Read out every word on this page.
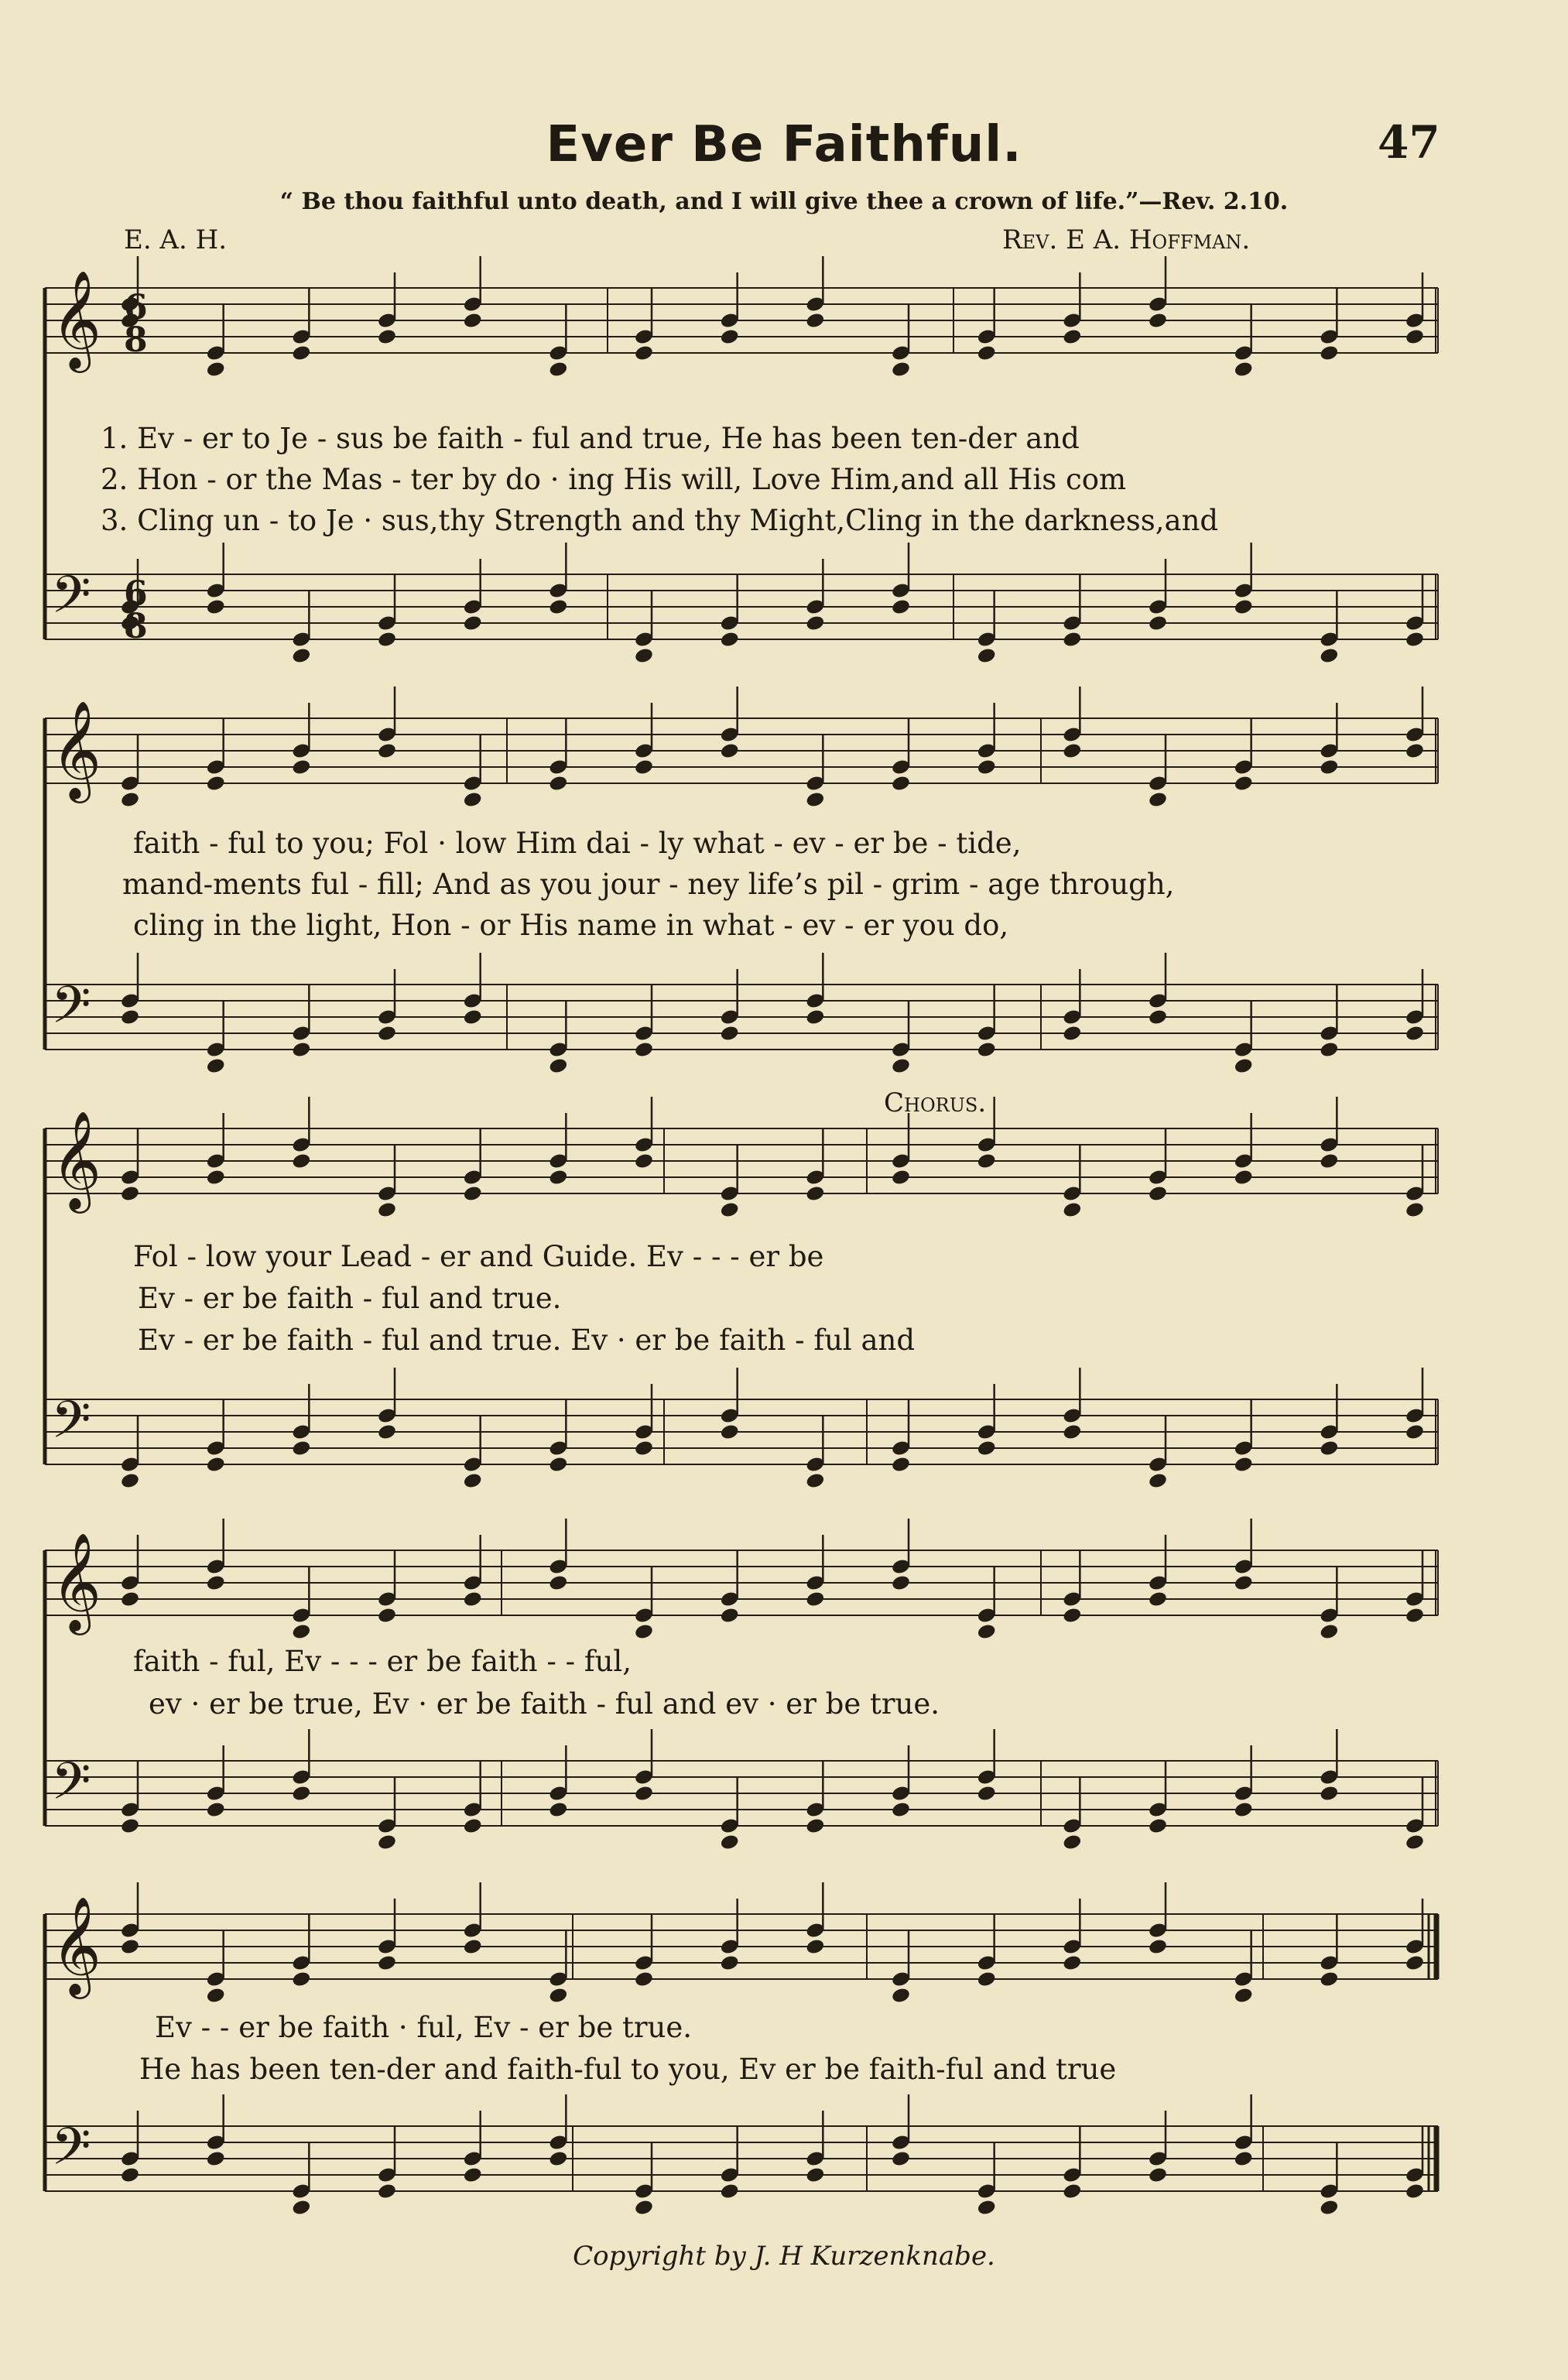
Ever Be Faithful.	47
“ Be thou faithful unto death, and I will give thee a crown of life.”—Rev. 2.10.
E. A. H.	Rev. E A. Hoffman.
𝄞
𝄢
𝄞
𝄢
𝄞
𝄢
𝄞
𝄢
𝄞
𝄢
6
8
6
8
1. Ev - er to Je - sus be faith - ful and true, He has been ten-der and
2. Hon - or the Mas - ter by do · ing His will, Love Him,and all His com
3. Cling un - to Je · sus,thy Strength and thy Might,Cling in the darkness,and
faith - ful to you; Fol · low Him dai - ly what - ev - er be - tide,
mand-ments ful - fill; And as you jour - ney life’s pil - grim - age through,
cling in the light, Hon - or His name in what - ev - er you do,
Chorus.
Fol - low your Lead - er and Guide. Ev - - - er be
Ev - er be faith - ful and true.
Ev - er be faith - ful and true. Ev · er be faith - ful and
faith - ful, Ev - - - er be faith - - ful,
ev · er be true, Ev · er be faith - ful and ev · er be true.
Ev - - er be faith · ful, Ev - er be true.
He has been ten-der and faith-ful to you, Ev er be faith-ful and true
Copyright by J. H Kurzenknabe.
